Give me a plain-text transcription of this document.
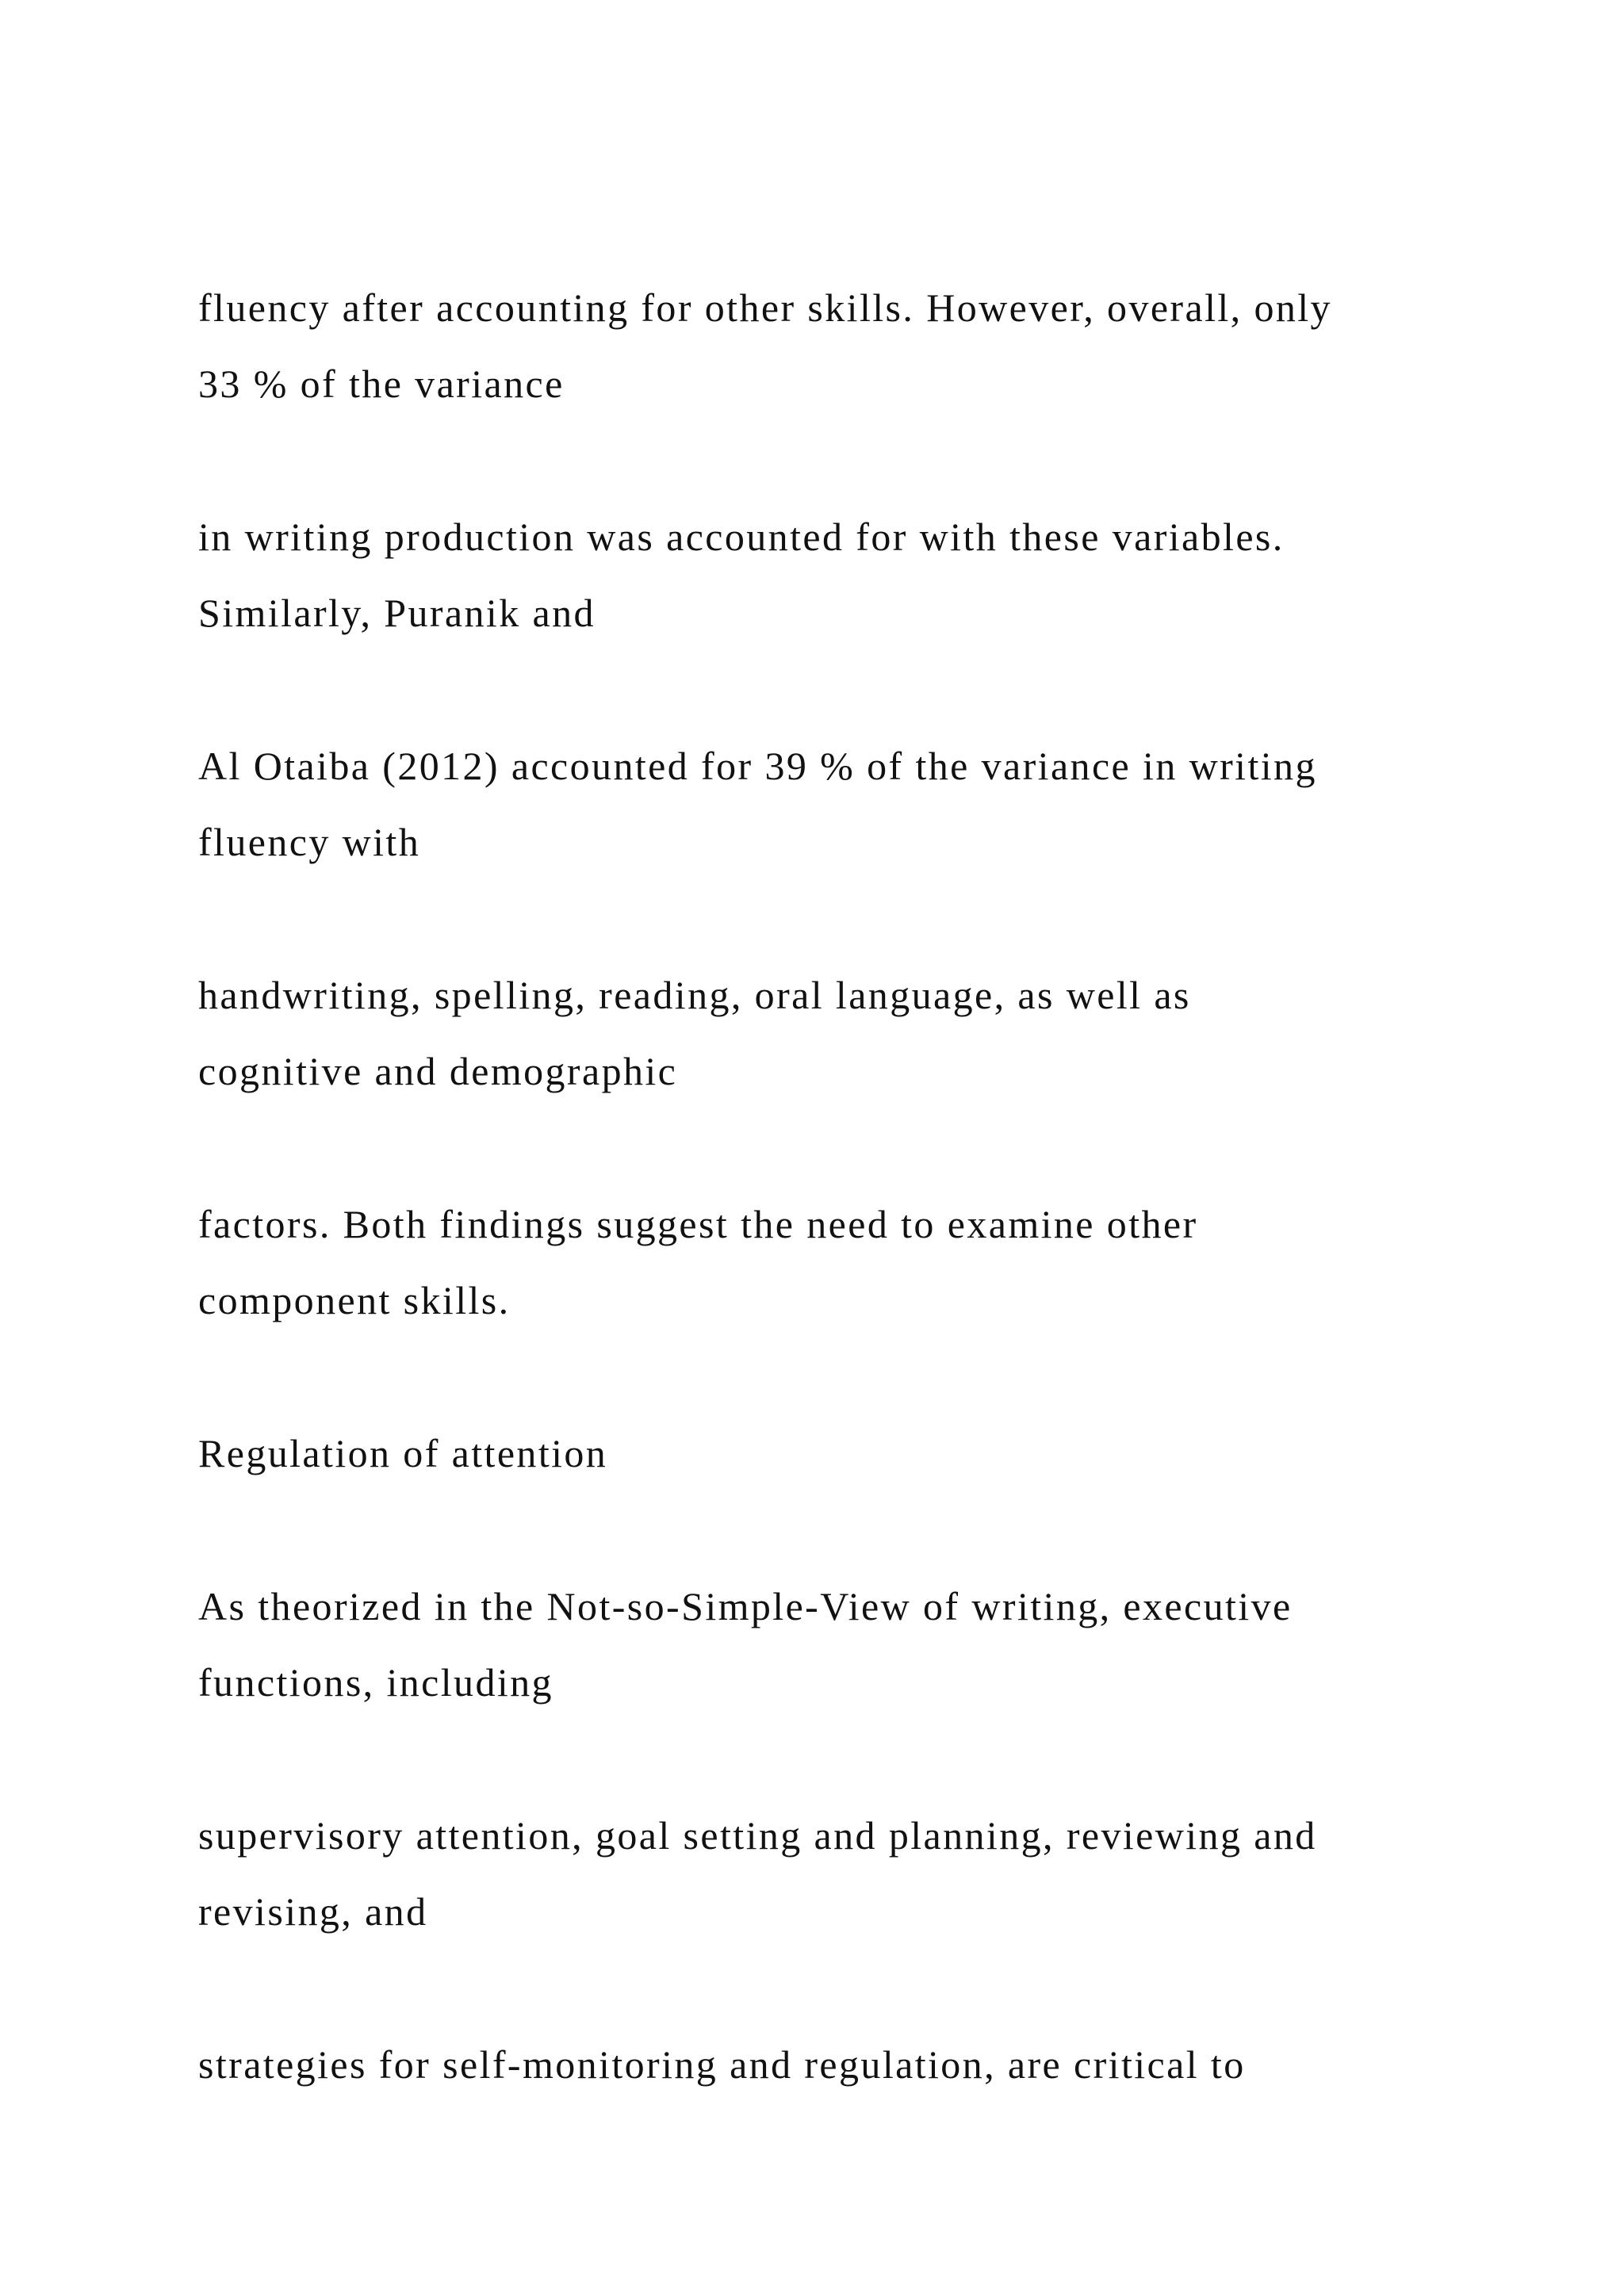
fluency after accounting for other skills. However, overall, only
33 % of the variance

in writing production was accounted for with these variables.
Similarly, Puranik and

Al Otaiba (2012) accounted for 39 % of the variance in writing
fluency with

handwriting, spelling, reading, oral language, as well as
cognitive and demographic

factors. Both findings suggest the need to examine other
component skills.

Regulation of attention

As theorized in the Not-so-Simple-View of writing, executive
functions, including

supervisory attention, goal setting and planning, reviewing and
revising, and

strategies for self-monitoring and regulation, are critical to
